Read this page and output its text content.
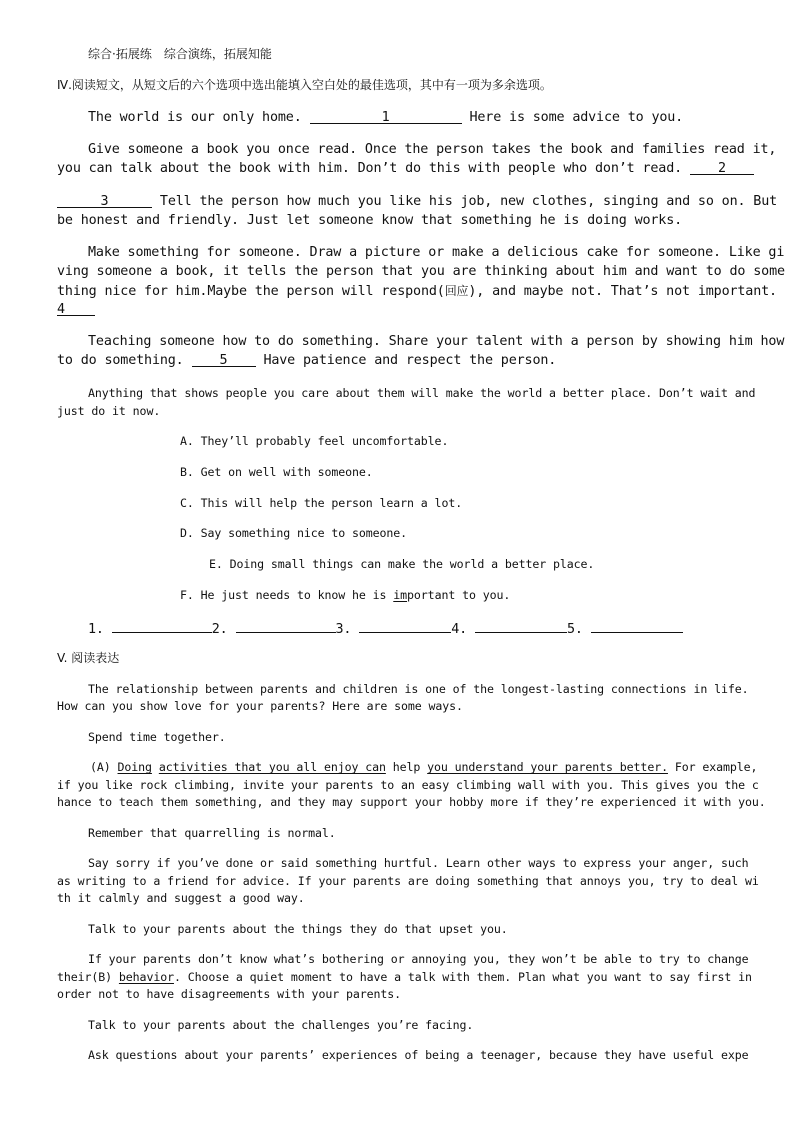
综合·拓展练　综合演练，拓展知能
Ⅳ.阅读短文，从短文后的六个选项中选出能填入空白处的最佳选项，其中有一项为多余选项。
The world is our only home.	1	Here is some advice to you.
Give someone a book you once read. Once the person takes the book and families read it,
you can talk about the book with him. Don’t do this with people who don’t read.	2
3	Tell the person how much you like his job, new clothes, singing and so on. But
be honest and friendly. Just let someone know that something he is doing works.
Make something for someone. Draw a picture or make a delicious cake for someone. Like gi
ving someone a book, it tells the person that you are thinking about him and want to do some
thing nice for him.Maybe the person will respond(回应), and maybe not. That’s not important.
4
Teaching someone how to do something. Share your talent with a person by showing him how
to do something.	5	Have patience and respect the person.
Anything that shows people you care about them will make the world a better place. Don’t wait and
just do it now.
A. They’ll probably feel uncomfortable.
B. Get on well with someone.
C. This will help the person learn a lot.
D. Say something nice to someone.
E. Doing small things can make the world a better place.
F. He just needs to know he is important to you.
1.	2.	3.	4.	5.
V. 阅读表达
The relationship between parents and children is one of the longest-lasting connections in life.
How can you show love for your parents? Here are some ways.
Spend time together.
(A) Doing activities that you all enjoy can help you understand your parents better. For example,
if you like rock climbing, invite your parents to an easy climbing wall with you. This gives you the c
hance to teach them something, and they may support your hobby more if they’re experienced it with you.
Remember that quarrelling is normal.
Say sorry if you’ve done or said something hurtful. Learn other ways to express your anger, such
as writing to a friend for advice. If your parents are doing something that annoys you, try to deal wi
th it calmly and suggest a good way.
Talk to your parents about the things they do that upset you.
If your parents don’t know what’s bothering or annoying you, they won’t be able to try to change
their(B) behavior. Choose a quiet moment to have a talk with them. Plan what you want to say first in
order not to have disagreements with your parents.
Talk to your parents about the challenges you’re facing.
Ask questions about your parents’ experiences of being a teenager, because they have useful expe
